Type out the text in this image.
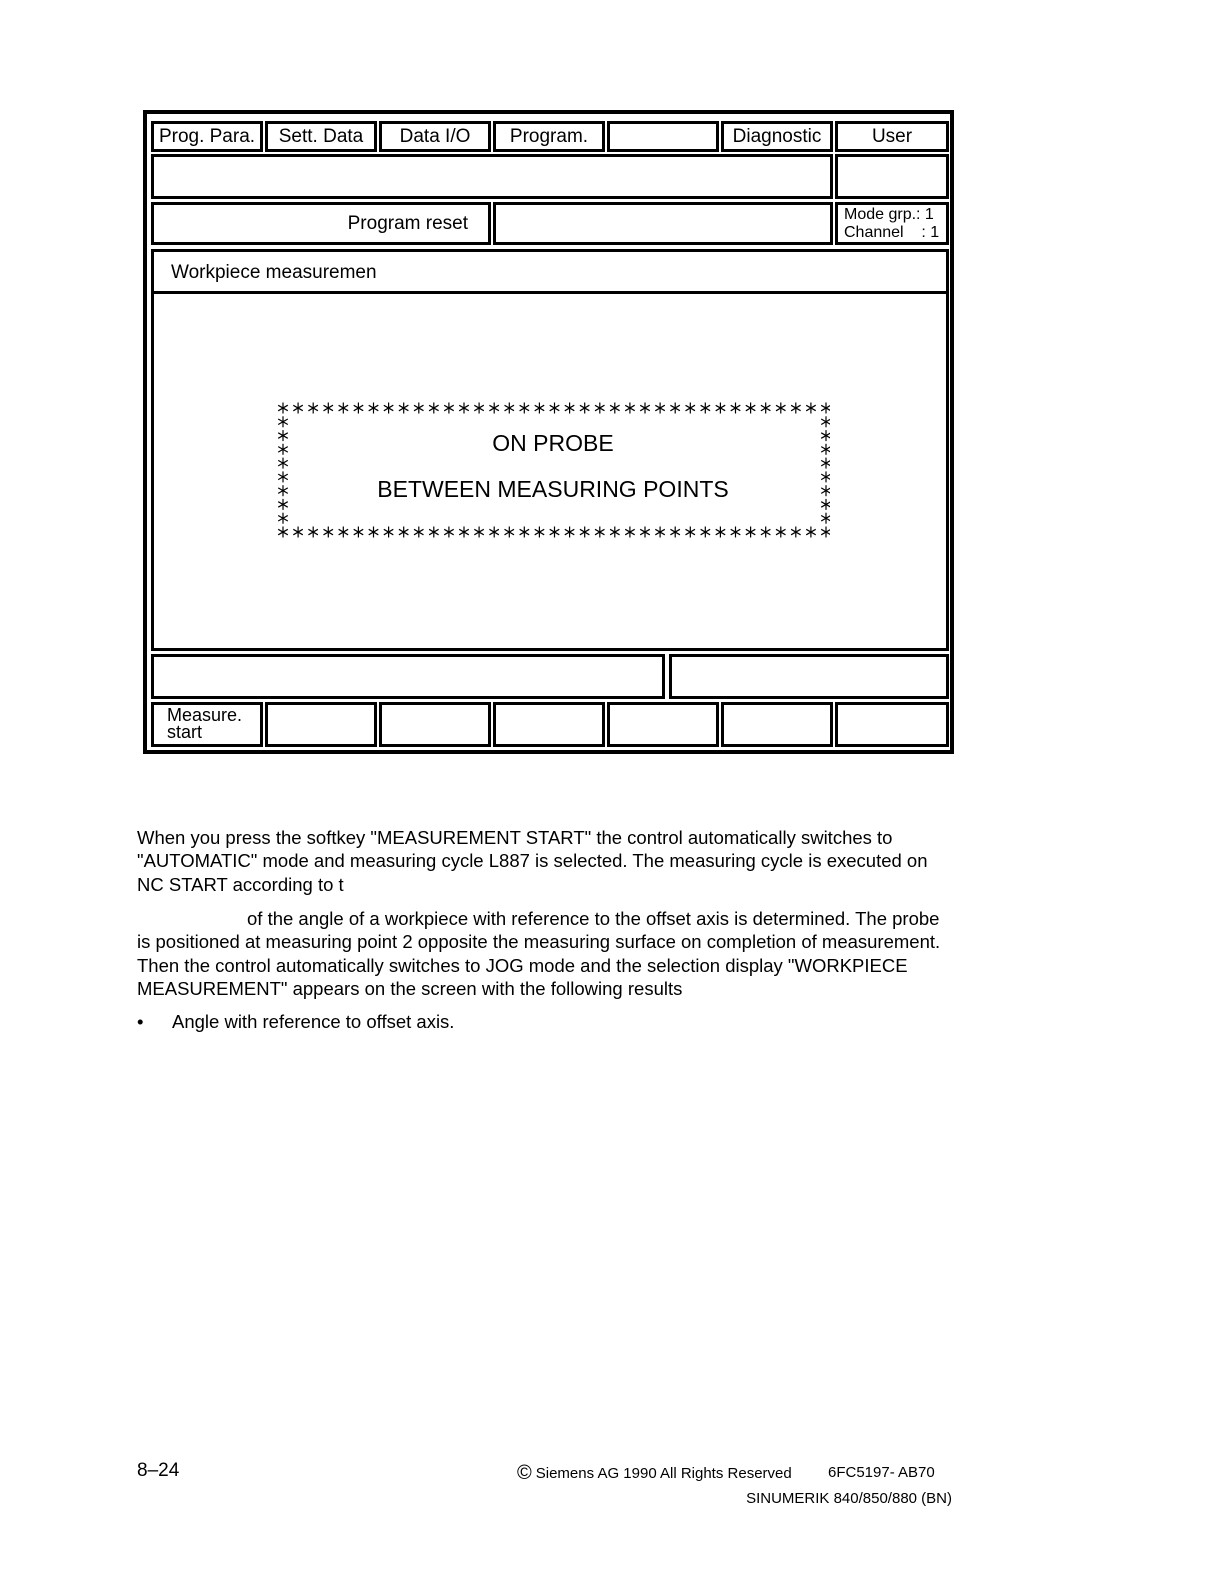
Prog. Para. Sett. Data Data I/O Program.	Diagnostic	User
Program reset	Mode grp.: 1
Channel    : 1
Workpiece measuremen
ON PROBE
BETWEEN MEASURING POINTS
Measure.
start
When you press the softkey "MEASUREMENT START" the control automatically switches to "AUTOMATIC" mode and measuring cycle L887 is selected. The measuring cycle is executed on NC START according to t
of the angle of a workpiece with reference to the offset axis is determined. The probe is positioned at measuring point 2 opposite the measuring surface on completion of measurement. Then the control automatically switches to JOG mode and the selection display "WORKPIECE MEASUREMENT" appears on the screen with the following results
• Angle with reference to offset axis.
8–24	© Siemens AG 1990 All Rights Reserved 6FC5197- AB70
SINUMERIK 840/850/880 (BN)
